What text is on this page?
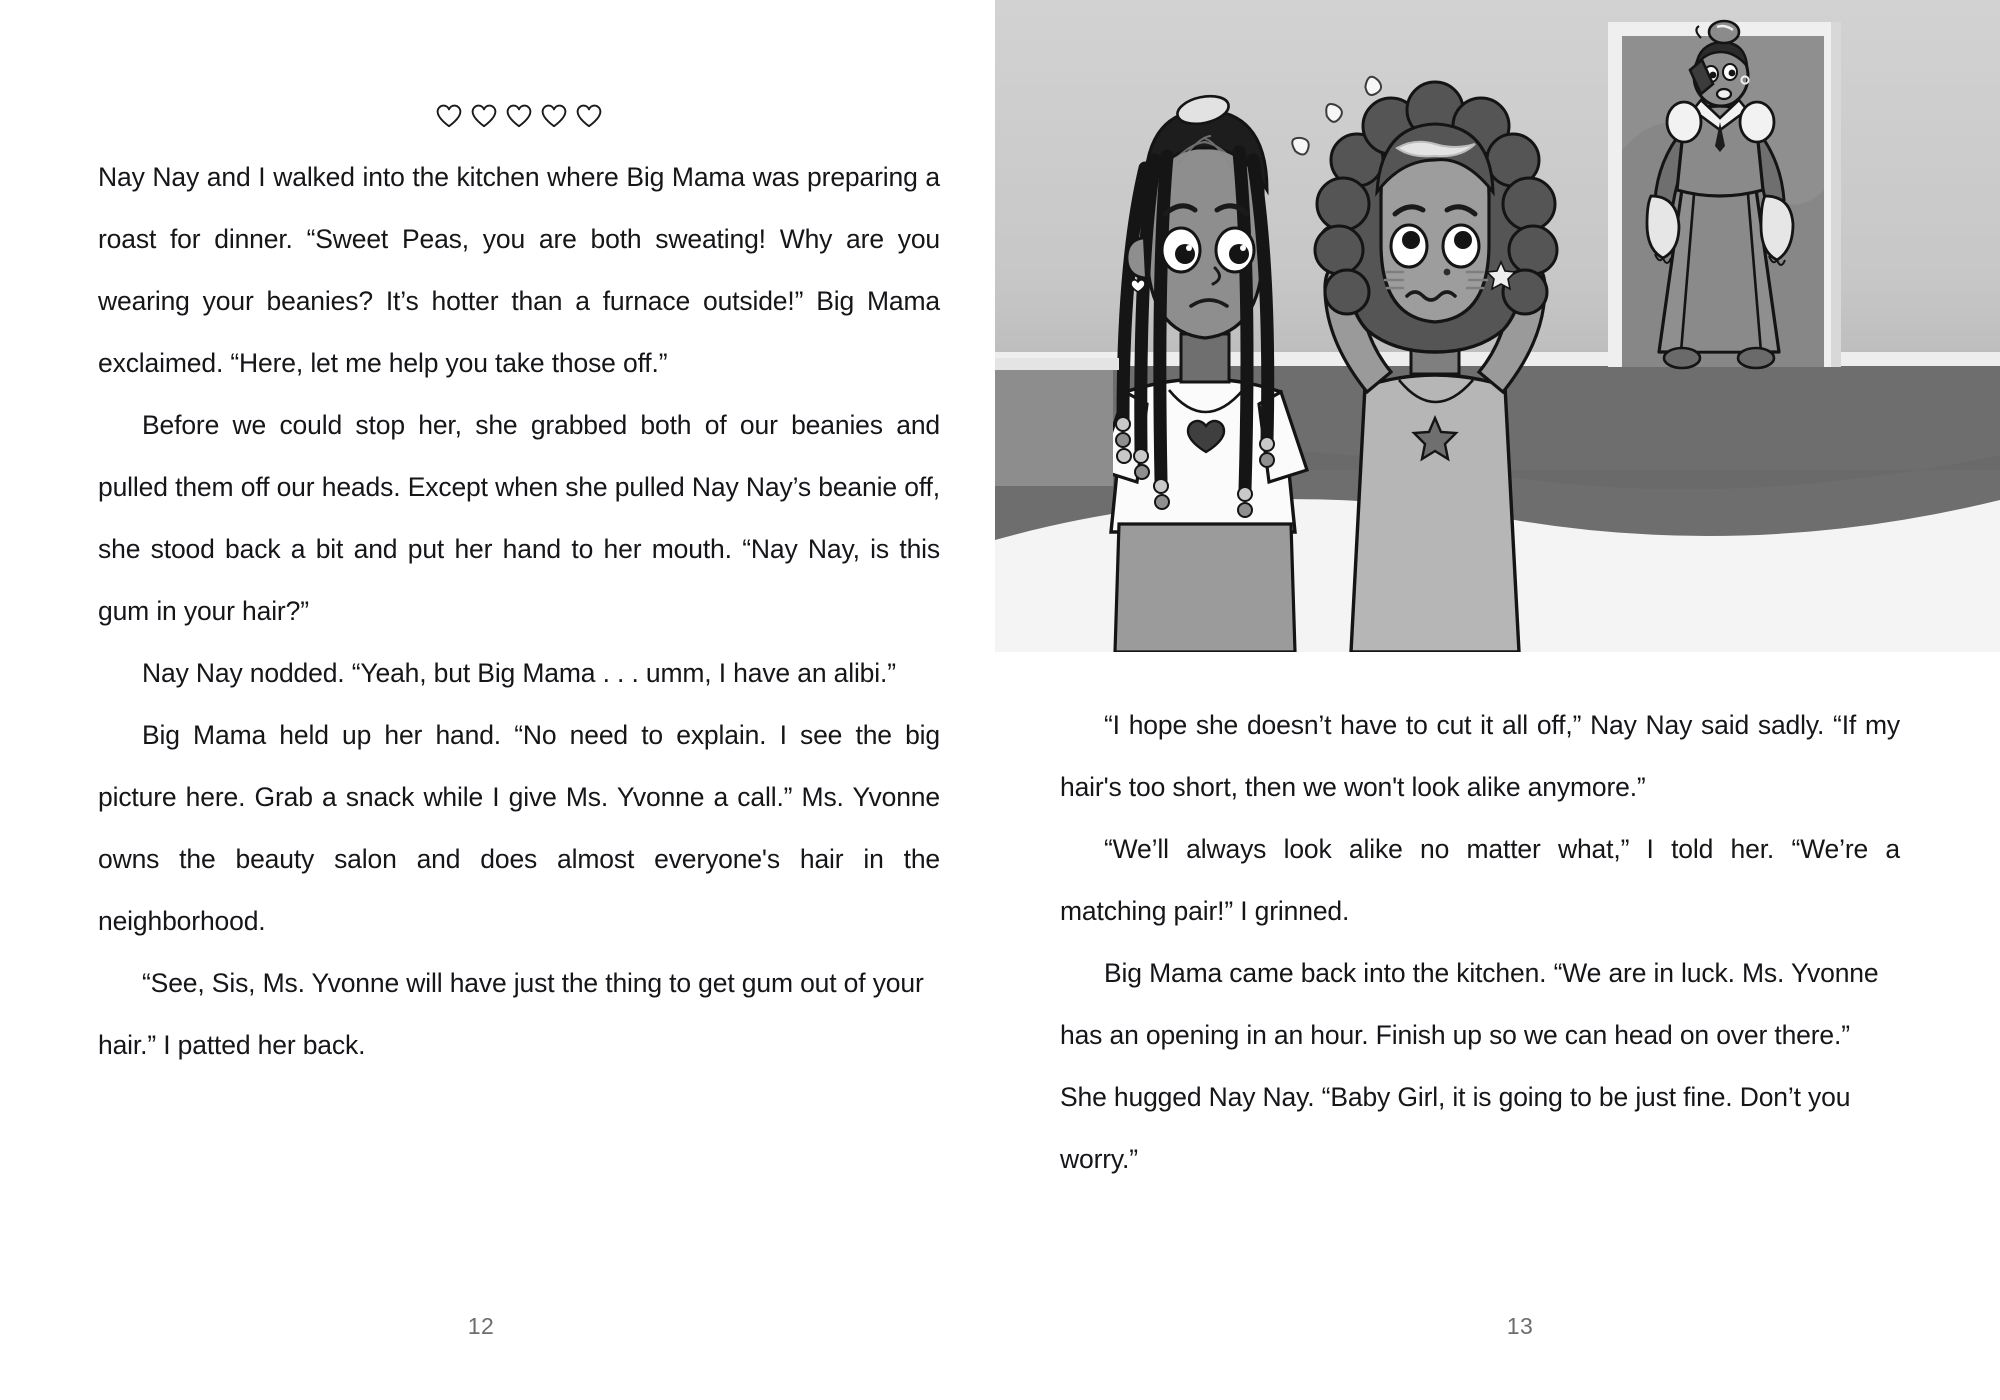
Nay Nay and I walked into the kitchen where Big Mama was preparing a roast for dinner. “Sweet Peas, you are both sweating! Why are you wearing your beanies? It’s hotter than a furnace outside!” Big Mama exclaimed. “Here, let me help you take those off.”

Before we could stop her, she grabbed both of our beanies and pulled them off our heads. Except when she pulled Nay Nay’s beanie off, she stood back a bit and put her hand to her mouth. “Nay Nay, is this gum in your hair?”

Nay Nay nodded. “Yeah, but Big Mama . . . umm, I have an alibi.”

Big Mama held up her hand. “No need to explain. I see the big picture here. Grab a snack while I give Ms. Yvonne a call.” Ms. Yvonne owns the beauty salon and does almost everyone's hair in the neighborhood.

“See, Sis, Ms. Yvonne will have just the thing to get gum out of your hair.” I patted her back.

12

“I hope she doesn’t have to cut it all off,” Nay Nay said sadly. “If my hair's too short, then we won't look alike anymore.”

“We’ll always look alike no matter what,” I told her. “We’re a matching pair!” I grinned.

Big Mama came back into the kitchen. “We are in luck. Ms. Yvonne has an opening in an hour. Finish up so we can head on over there.” She hugged Nay Nay. “Baby Girl, it is going to be just fine. Don’t you worry.”

13
